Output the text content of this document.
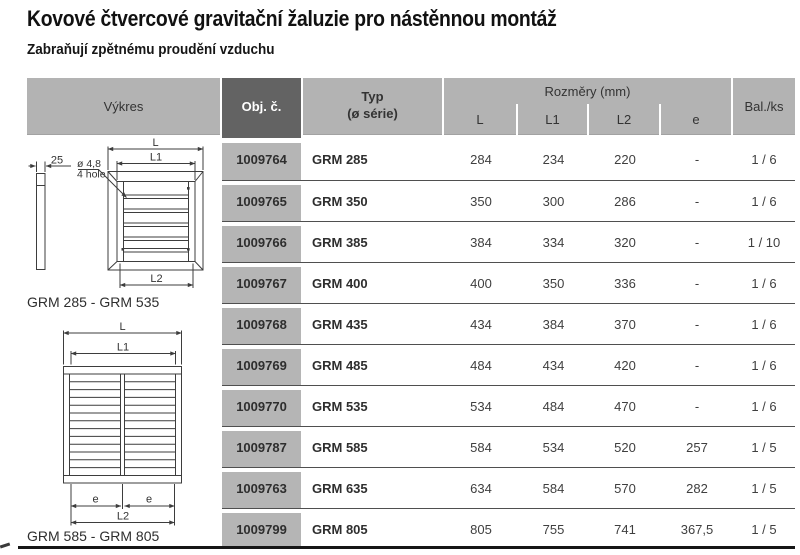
Kovové čtvercové gravitační žaluzie pro nástěnnou montáž
Zabraňují zpětnému proudění vzduchu
Výkres	Obj. č.
Typ
(ø série)
Rozměry (mm)
L	L1	L2	e
Bal./ks
1009764	GRM 285	284	234	220	-	1 / 6
1009765	GRM 350	350	300	286	-	1 / 6
1009766	GRM 385	384	334	320	-	1 / 10
1009767	GRM 400	400	350	336	-	1 / 6
1009768	GRM 435	434	384	370	-	1 / 6
1009769	GRM 485	484	434	420	-	1 / 6
1009770	GRM 535	534	484	470	-	1 / 6
1009787	GRM 585	584	534	520	257	1 / 5
1009763	GRM 635	634	584	570	282	1 / 5
1009799	GRM 805	805	755	741	367,5	1 / 5
25
L
L1
ø 4,8
4 hole
L2
GRM 285 - GRM 535
L
L1
e	e
L2
GRM 585 - GRM 805
